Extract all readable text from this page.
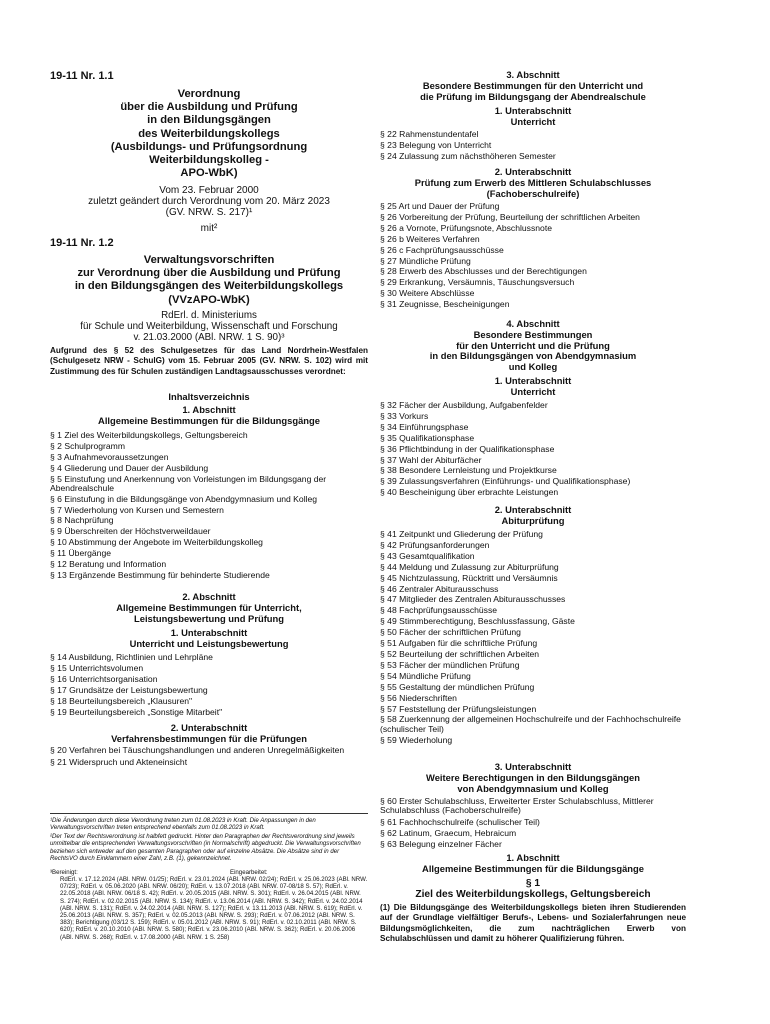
19-11 Nr. 1.1
Verordnung
über die Ausbildung und Prüfung
in den Bildungsgängen
des Weiterbildungskollegs
(Ausbildungs- und Prüfungsordnung
Weiterbildungskolleg -
APO-WbK)
Vom 23. Februar 2000
zuletzt geändert durch Verordnung vom 20. März 2023
(GV. NRW. S. 217)¹
mit²
19-11 Nr. 1.2
Verwaltungsvorschriften
zur Verordnung über die Ausbildung und Prüfung
in den Bildungsgängen des Weiterbildungskollegs
(VVzAPO-WbK)
RdErl. d. Ministeriums
für Schule und Weiterbildung, Wissenschaft und Forschung
v. 21.03.2000 (ABl. NRW. 1 S. 90)³
Aufgrund des § 52 des Schulgesetzes für das Land Nordrhein-Westfalen (Schulgesetz NRW - SchulG) vom 15. Februar 2005 (GV. NRW. S. 102) wird mit Zustimmung des für Schulen zuständigen Landtagsausschusses verordnet:
Inhaltsverzeichnis
1. Abschnitt
Allgemeine Bestimmungen für die Bildungsgänge
§ 1 Ziel des Weiterbildungskollegs, Geltungsbereich
§ 2 Schulprogramm
§ 3 Aufnahmevoraussetzungen
§ 4 Gliederung und Dauer der Ausbildung
§ 5 Einstufung und Anerkennung von Vorleistungen im Bildungsgang der Abendrealschule
§ 6 Einstufung in die Bildungsgänge von Abendgymnasium und Kolleg
§ 7 Wiederholung von Kursen und Semestern
§ 8 Nachprüfung
§ 9 Überschreiten der Höchstverweildauer
§ 10 Abstimmung der Angebote im Weiterbildungskolleg
§ 11 Übergänge
§ 12 Beratung und Information
§ 13 Ergänzende Bestimmung für behinderte Studierende
2. Abschnitt
Allgemeine Bestimmungen für Unterricht,
Leistungsbewertung und Prüfung
1. Unterabschnitt
Unterricht und Leistungsbewertung
§ 14 Ausbildung, Richtlinien und Lehrpläne
§ 15 Unterrichtsvolumen
§ 16 Unterrichtsorganisation
§ 17 Grundsätze der Leistungsbewertung
§ 18 Beurteilungsbereich „Klausuren"
§ 19 Beurteilungsbereich „Sonstige Mitarbeit"
2. Unterabschnitt
Verfahrensbestimmungen für die Prüfungen
§ 20 Verfahren bei Täuschungshandlungen und anderen Unregelmäßigkeiten
§ 21 Widerspruch und Akteneinsicht
¹Die Änderungen durch diese Verordnung treten zum 01.08.2023 in Kraft. Die Anpassungen in den Verwaltungsvorschriften treten entsprechend ebenfalls zum 01.08.2023 in Kraft.
²Der Text der Rechtsverordnung ist halbfett gedruckt. Hinter den Paragraphen der Rechtsverordnung sind jeweils unmittelbar die entsprechenden Verwaltungsvorschriften (in Normalschrift) abgedruckt. Die Verwaltungsvorschriften beziehen sich entweder auf den gesamten Paragraphen oder auf einzelne Absätze. Die Absätze sind in der RechtsVO durch Einklammern einer Zahl, z.B. (1), gekennzeichnet.
³Bereinigt:	Eingearbeitet:
RdErl. v. 17.12.2024 (ABl. NRW. 01/25); RdErl. v. 23.01.2024 (ABl. NRW. 02/24); RdErl. v. 25.06.2023 (ABl. NRW. 07/23); RdErl. v. 05.06.2020 (ABl. NRW. 06/20); RdErl. v. 13.07.2018 (ABl. NRW. 07-08/18 S. 57); RdErl. v. 22.05.2018 (ABl. NRW. 06/18 S. 42); RdErl. v. 20.05.2015 (ABl. NRW. S. 301); RdErl. v. 26.04.2015 (ABl. NRW. S. 274); RdErl. v. 02.02.2015 (ABl. NRW. S. 134); RdErl. v. 13.06.2014 (ABl. NRW. S. 342); RdErl. v. 24.02.2014 (ABl. NRW. S. 131); RdErl. v. 24.02.2014 (ABl. NRW. S. 127); RdErl. v. 13.11.2013 (ABl. NRW. S. 619); RdErl. v. 25.06.2013 (ABl. NRW. S. 357); RdErl. v. 02.05.2013 (ABl. NRW. S. 293); RdErl. v. 07.06.2012 (ABl. NRW. S. 383); Berichtigung (03/12 S. 159); RdErl. v. 05.01.2012 (ABl. NRW. S. 91); RdErl. v. 02.10.2011 (ABl. NRW. S. 620); RdErl. v. 20.10.2010 (ABl. NRW. S. 580); RdErl. v. 23.06.2010 (ABl. NRW. S. 362); RdErl. v. 20.06.2006 (ABl. NRW. S. 268); RdErl. v. 17.08.2000 (ABl. NRW. 1 S. 258)
3. Abschnitt
Besondere Bestimmungen für den Unterricht und
die Prüfung im Bildungsgang der Abendrealschule
1. Unterabschnitt
Unterricht
§ 22 Rahmenstundentafel
§ 23 Belegung von Unterricht
§ 24 Zulassung zum nächsthöheren Semester
2. Unterabschnitt
Prüfung zum Erwerb des Mittleren Schulabschlusses
(Fachoberschulreife)
§ 25 Art und Dauer der Prüfung
§ 26 Vorbereitung der Prüfung, Beurteilung der schriftlichen Arbeiten
§ 26 a Vornote, Prüfungsnote, Abschlussnote
§ 26 b Weiteres Verfahren
§ 26 c Fachprüfungsausschüsse
§ 27 Mündliche Prüfung
§ 28 Erwerb des Abschlusses und der Berechtigungen
§ 29 Erkrankung, Versäumnis, Täuschungsversuch
§ 30 Weitere Abschlüsse
§ 31 Zeugnisse, Bescheinigungen
4. Abschnitt
Besondere Bestimmungen
für den Unterricht und die Prüfung
in den Bildungsgängen von Abendgymnasium
und Kolleg
1. Unterabschnitt
Unterricht
§ 32 Fächer der Ausbildung, Aufgabenfelder
§ 33 Vorkurs
§ 34 Einführungsphase
§ 35 Qualifikationsphase
§ 36 Pflichtbindung in der Qualifikationsphase
§ 37 Wahl der Abiturfächer
§ 38 Besondere Lernleistung und Projektkurse
§ 39 Zulassungsverfahren (Einführungs- und Qualifikationsphase)
§ 40 Bescheinigung über erbrachte Leistungen
2. Unterabschnitt
Abiturprüfung
§ 41 Zeitpunkt und Gliederung der Prüfung
§ 42 Prüfungsanforderungen
§ 43 Gesamtqualifikation
§ 44 Meldung und Zulassung zur Abiturprüfung
§ 45 Nichtzulassung, Rücktritt und Versäumnis
§ 46 Zentraler Abiturausschuss
§ 47 Mitglieder des Zentralen Abiturausschusses
§ 48 Fachprüfungsausschüsse
§ 49 Stimmberechtigung, Beschlussfassung, Gäste
§ 50 Fächer der schriftlichen Prüfung
§ 51 Aufgaben für die schriftliche Prüfung
§ 52 Beurteilung der schriftlichen Arbeiten
§ 53 Fächer der mündlichen Prüfung
§ 54 Mündliche Prüfung
§ 55 Gestaltung der mündlichen Prüfung
§ 56 Niederschriften
§ 57 Feststellung der Prüfungsleistungen
§ 58 Zuerkennung der allgemeinen Hochschulreife und der Fachhochschulreife (schulischer Teil)
§ 59 Wiederholung
3. Unterabschnitt
Weitere Berechtigungen in den Bildungsgängen
von Abendgymnasium und Kolleg
§ 60 Erster Schulabschluss, Erweiterter Erster Schulabschluss, Mittlerer Schulabschluss (Fachoberschulreife)
§ 61 Fachhochschulreife (schulischer Teil)
§ 62 Latinum, Graecum, Hebraicum
§ 63 Belegung einzelner Fächer
1. Abschnitt
Allgemeine Bestimmungen für die Bildungsgänge
§ 1
Ziel des Weiterbildungskollegs, Geltungsbereich
(1) Die Bildungsgänge des Weiterbildungskollegs bieten ihren Studierenden auf der Grundlage vielfältiger Berufs-, Lebens- und Sozialerfahrungen neue Bildungsmöglichkeiten, die zum nachträglichen Erwerb von Schulabschlüssen und damit zu höherer Qualifizierung führen.
